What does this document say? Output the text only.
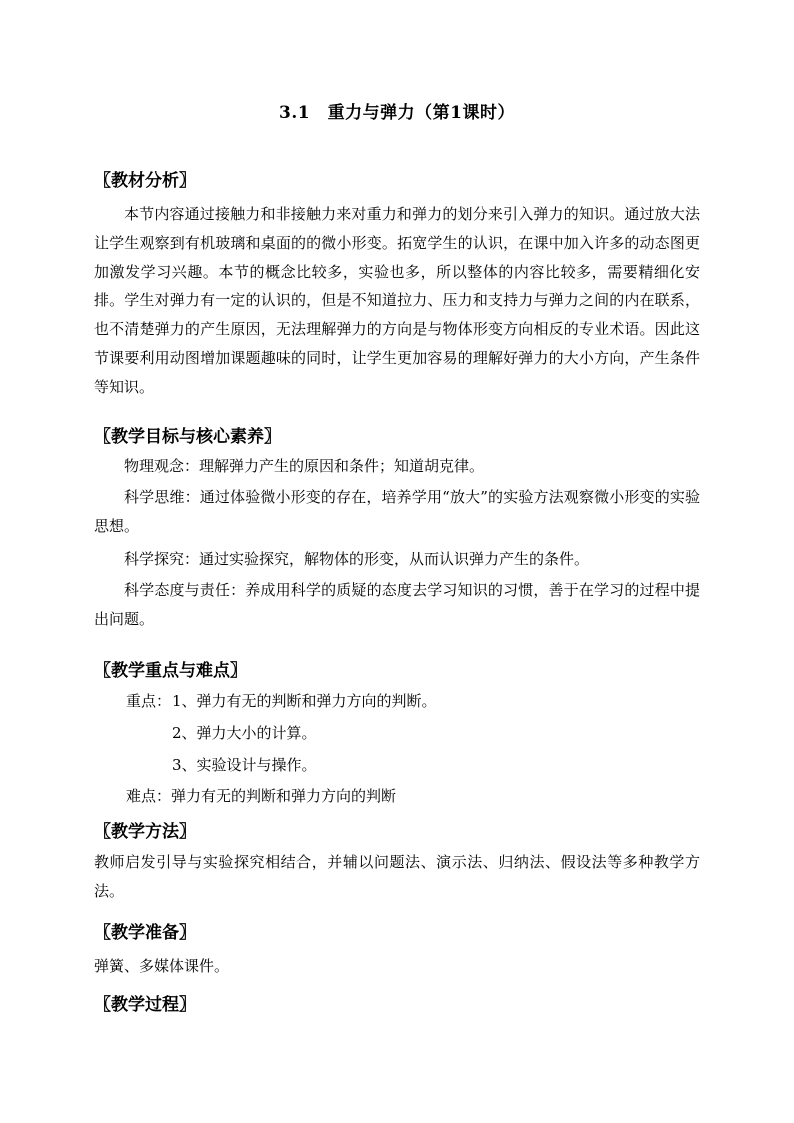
3.1　重力与弹力（第1课时）
〖教材分析〗
本节内容通过接触力和非接触力来对重力和弹力的划分来引入弹力的知识。通过放大法让学生观察到有机玻璃和桌面的的微小形变。拓宽学生的认识，在课中加入许多的动态图更加激发学习兴趣。本节的概念比较多，实验也多，所以整体的内容比较多，需要精细化安排。学生对弹力有一定的认识的，但是不知道拉力、压力和支持力与弹力之间的内在联系，也不清楚弹力的产生原因，无法理解弹力的方向是与物体形变方向相反的专业术语。因此这节课要利用动图增加课题趣味的同时，让学生更加容易的理解好弹力的大小方向，产生条件等知识。
〖教学目标与核心素养〗
物理观念：理解弹力产生的原因和条件；知道胡克律。
科学思维：通过体验微小形变的存在，培养学用“放大”的实验方法观察微小形变的实验思想。
科学探究：通过实验探究，解物体的形变，从而认识弹力产生的条件。
科学态度与责任：养成用科学的质疑的态度去学习知识的习惯，善于在学习的过程中提出问题。
〖教学重点与难点〗
重点： 1、弹力有无的判断和弹力方向的判断。
2、弹力大小的计算。
3、实验设计与操作。
难点：弹力有无的判断和弹力方向的判断
〖教学方法〗
教师启发引导与实验探究相结合，并辅以问题法、演示法、归纳法、假设法等多种教学方法。
〖教学准备〗
弹簧、多媒体课件。
〖教学过程〗
